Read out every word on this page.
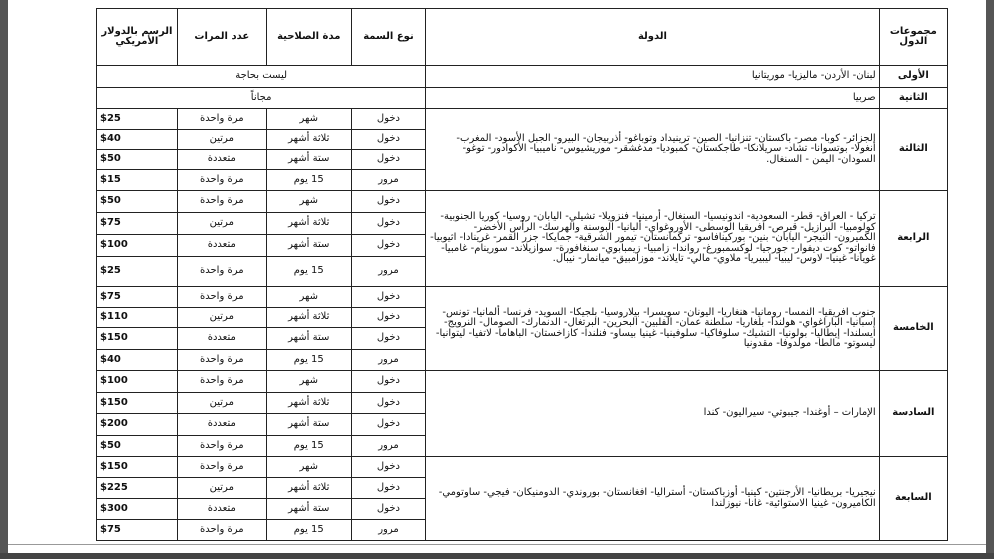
مجموعات الدول	الدولة	نوع السمة	مدة الصلاحية	عدد المرات	الرسم بالدولار الأمريكي
الأولى	لبنان- الأردن- ماليزيا- موريتانيا	ليست بحاجة			
الثانية	صربيا	مجاناً			
الثالثة	الجزائر- كوبا- مصر- باكستان- تنزانيا- الصين- ترينيداد وتوباغو- أذربيجان- البيرو- الجبل الأسود- المغرب- أنغولا- بوتسوانا- تشاد- سريلانكا- طاجكستان- كمبوديا- مدغشقر- موريشيوس- ناميبيا- الأكوادور- توغو- السودان- اليمن - السنغال.	دخول	شهر	مرة واحدة	$25
		دخول	ثلاثة أشهر	مرتين	$40
		دخول	ستة أشهر	متعددة	$50
		مرور	15 يوم	مرة واحدة	$15
الرابعة	تركيا - العراق- قطر- السعودية- اندونيسيا- السنغال- أرمينيا- فنزويلا- تشيلي- اليابان- روسيا- كوريا الجنوبية- كولومبيا- البرازيل- قبرص- افريقيا الوسطى- الأوروغواي- ألبانيا- البوسنة والهرسك- الرأس الأخضر- الكميرون- النيجر- اليابان- بنين- بوركينافاسو- تركمانستان- تيمور الشرقية- جمايكا- جزر القمر- غرينادا- اثيوبيا- فانواتو- كوت ديفوار- جورجيا- لوكسمبورغ- رواندا- زامبيا- زيمبابوي- سنغافورة- سوازيلاند- سورينام- غامبيا- غويانا- غينيا- لاوس- ليبيا- ليبيريا- ملاوي- مالي- تايلاند- موزامبيق- ميانمار- نيبال.	دخول	شهر	مرة واحدة	$50
		دخول	ثلاثة أشهر	مرتين	$75
		دخول	ستة أشهر	متعددة	$100
		مرور	15 يوم	مرة واحدة	$25
الخامسة	جنوب افريقيا- النمسا- رومانيا- هنغاريا- اليونان- سويسرا- بيلاروسيا- بلجيكا- السويد- فرنسا- ألمانيا- تونس- إسبانيا- الباراغواي- هولندا- بلغاريا- سلطنة عمان- الفلبين- البحرين- البرتغال- الدنمارك- الصومال- النرويج- ايسلندا- إيطاليا- بولونيا- التشيك- سلوفاكيا- سلوفينيا- غينيا بيساو- فنلندا- كازاخستان- الباهاما- لاتفيا- ليتوانيا- ليسوتو- مالطا- مولدوفا- مقدونيا	دخول	شهر	مرة واحدة	$75
		دخول	ثلاثة أشهر	مرتين	$110
		دخول	ستة أشهر	متعددة	$150
		مرور	15 يوم	مرة واحدة	$40
السادسة	الإمارات – أوغندا- جيبوتي- سيراليون- كندا	دخول	شهر	مرة واحدة	$100
		دخول	ثلاثة أشهر	مرتين	$150
		دخول	ستة أشهر	متعددة	$200
		مرور	15 يوم	مرة واحدة	$50
السابعة	نيجيريا- بريطانيا- الأرجنتين- كينيا- أوزباكستان- أستراليا- افغانستان- بوروندي- الدومنيكان- فيجي- ساوتومي- الكاميرون- غينيا الاستوائية- غانا- نيوزلندا	دخول	شهر	مرة واحدة	$150
		دخول	ثلاثة أشهر	مرتين	$225
		دخول	ستة أشهر	متعددة	$300
		مرور	15 يوم	مرة واحدة	$75
